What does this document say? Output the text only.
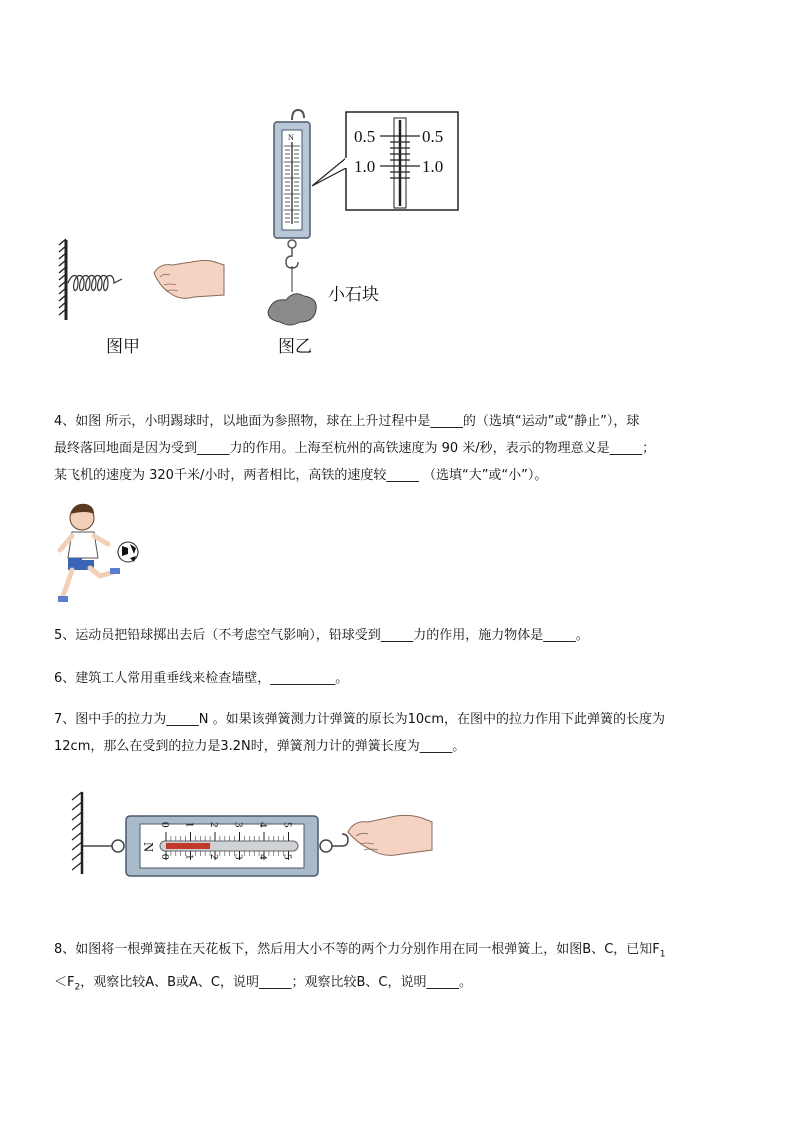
图甲
N	0.5	0.5
1.0	1.0
小石块
图乙
4、如图 所示，小明踢球时，以地面为参照物，球在上升过程中是_____的（选填“运动”或“静止”），球
最终落回地面是因为受到_____力的作用。上海至杭州的高铁速度为 90 米/秒，表示的物理意义是_____；
某飞机的速度为 320千米/小时，两者相比，高铁的速度较_____ （选填“大”或“小”）。
5、运动员把铅球掷出去后（不考虑空气影响），铅球受到_____力的作用，施力物体是_____。
6、建筑工人常用重垂线来检查墙壁，__________。
7、图中手的拉力为_____N 。如果该弹簧测力计弹簧的原长为10cm，在图中的拉力作用下此弹簧的长度为
12cm，那么在受到的拉力是3.2N时，弹簧剂力计的弹簧长度为_____。
N
0
0
1
1
2
2
3
3
4
4
5
5
8、如图将一根弹簧挂在天花板下，然后用大小不等的两个力分别作用在同一根弹簧上，如图B、C，已知$F_1$
$<F_2$，观察比较A、B或A、C，说明_____；观察比较B、C，说明_____。
